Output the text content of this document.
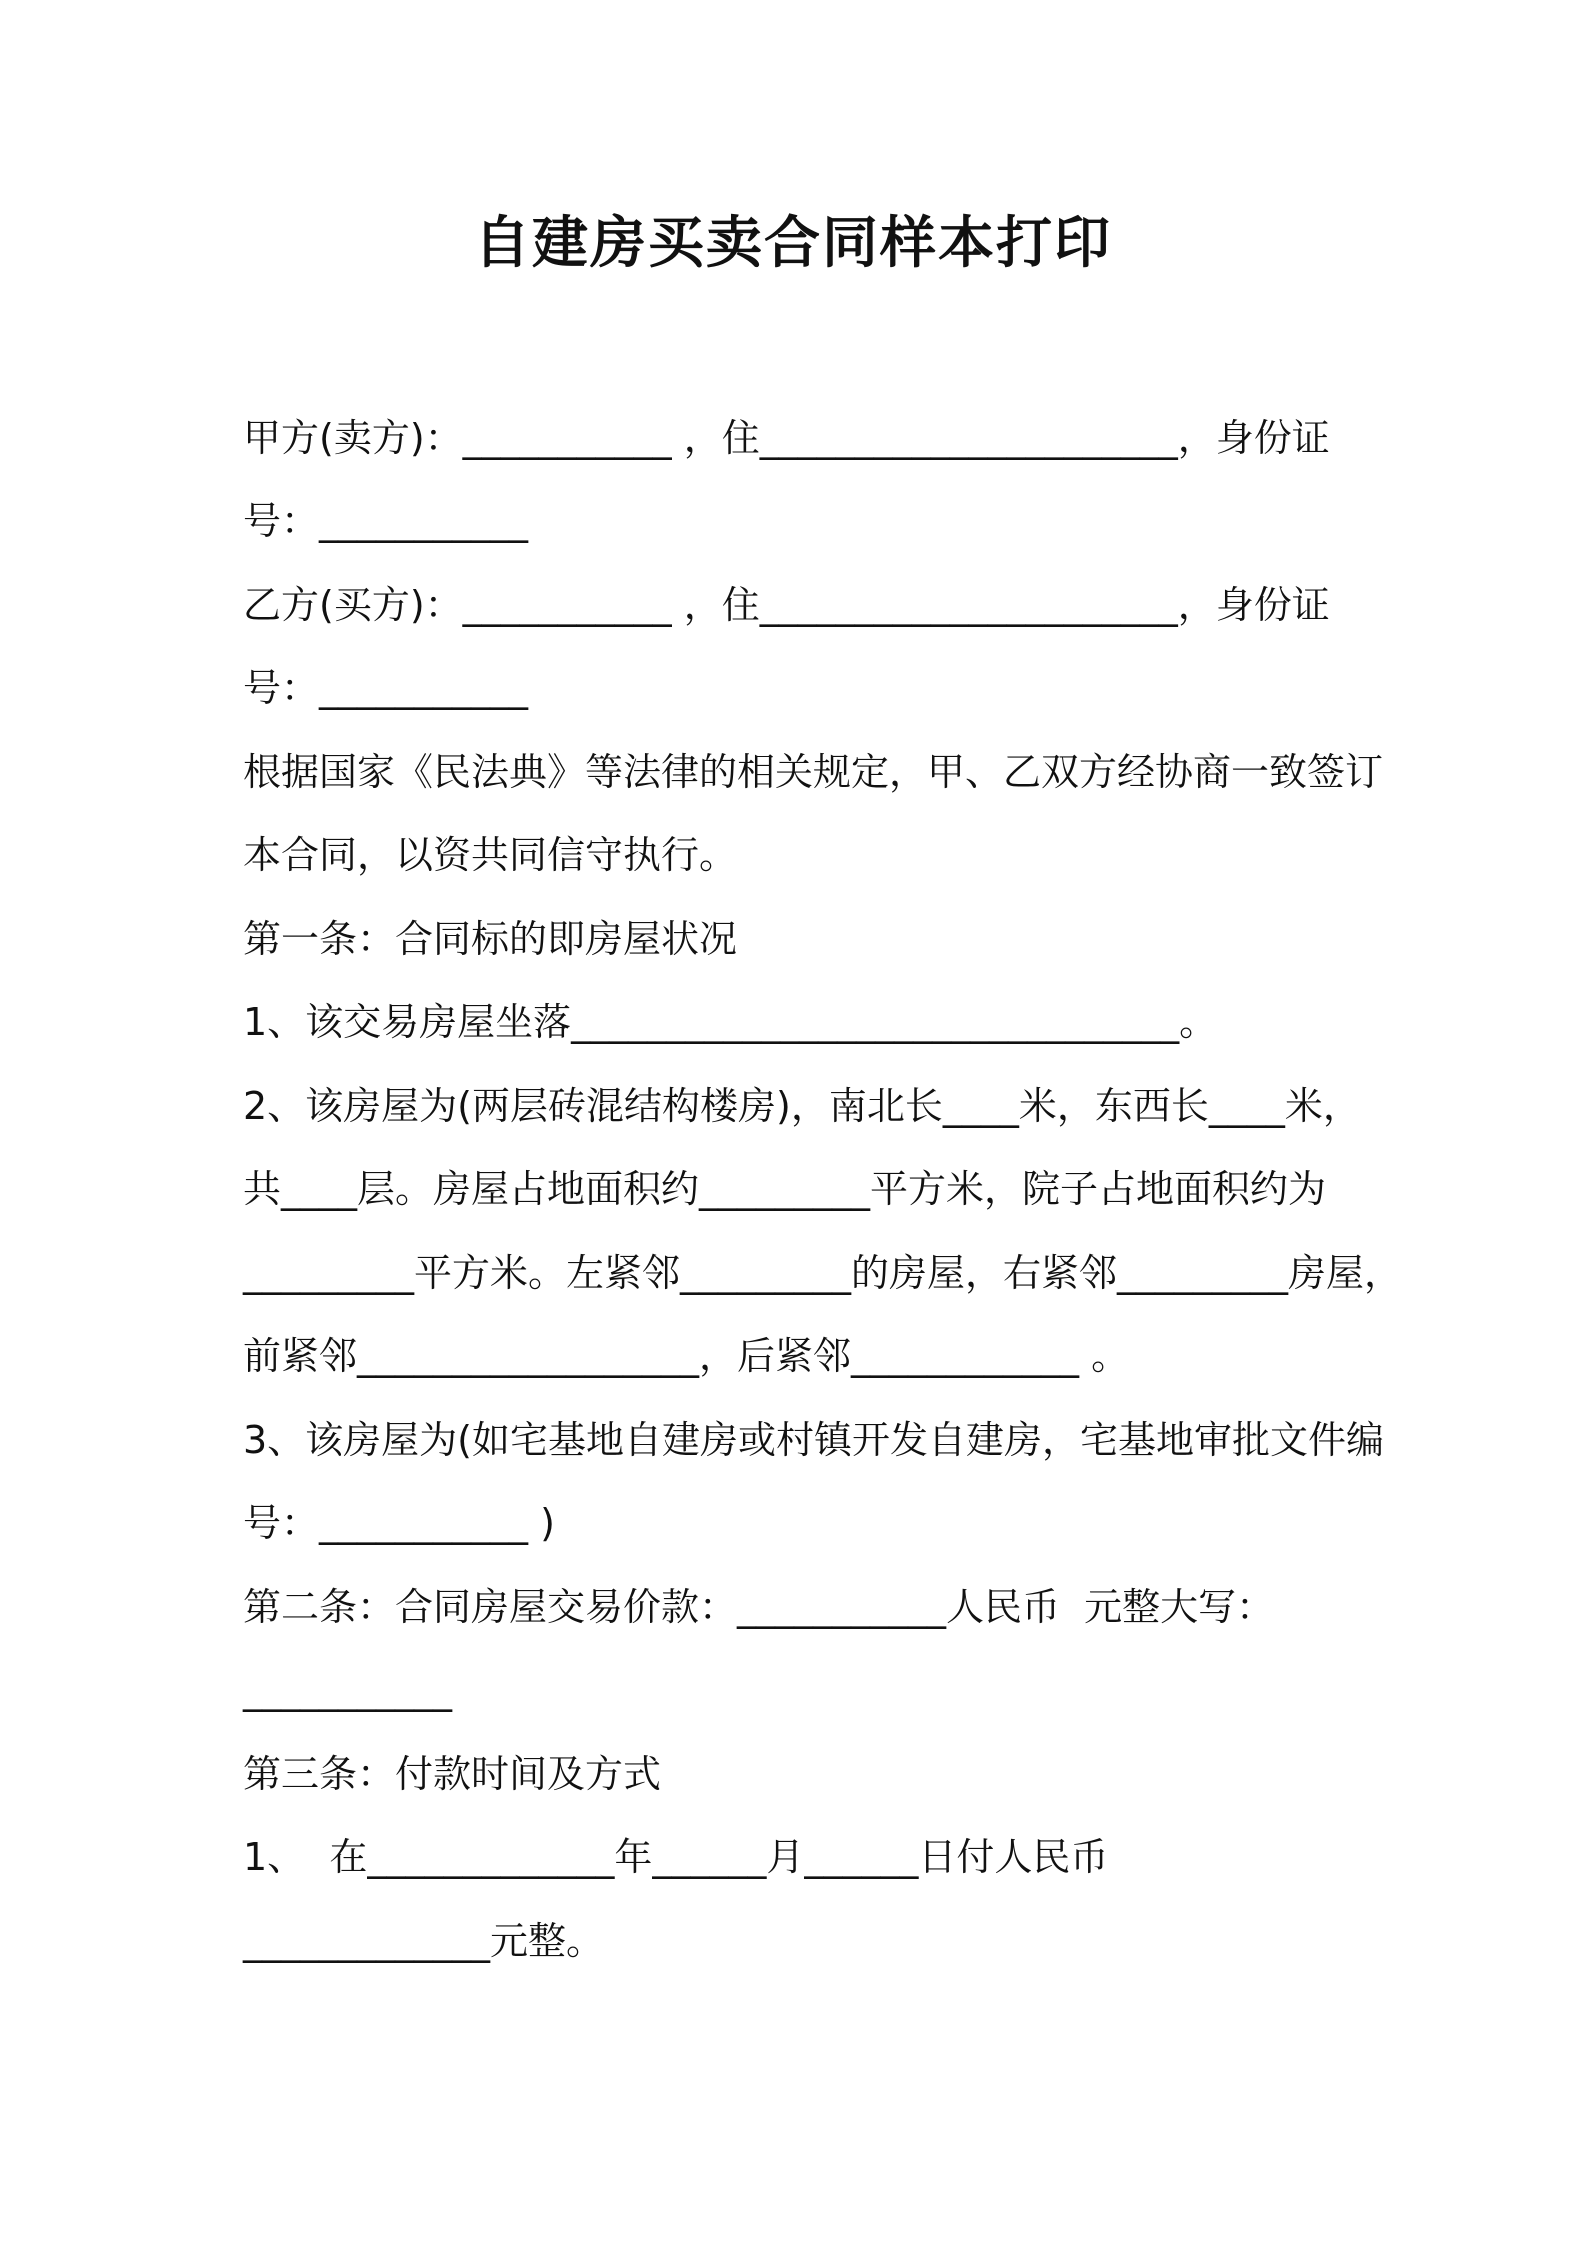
自建房买卖合同样本打印
甲方(卖方)：___________ ，住______________________，身份证
号：___________
乙方(买方)：___________ ，住______________________，身份证
号：___________
根据国家《民法典》等法律的相关规定，甲、乙双方经协商一致签订
本合同，以资共同信守执行。
第一条：合同标的即房屋状况
1、该交易房屋坐落________________________________。
2、该房屋为(两层砖混结构楼房)，南北长____米，东西长____米，
共____层。房屋占地面积约_________平方米，院子占地面积约为
_________平方米。左紧邻_________的房屋，右紧邻_________房屋，
前紧邻__________________，后紧邻____________ 。
3、该房屋为(如宅基地自建房或村镇开发自建房，宅基地审批文件编
号：___________ )
第二条：合同房屋交易价款：___________人民币  元整大写：
___________
第三条：付款时间及方式
1、  在_____________年______月______日付人民币
_____________元整。
